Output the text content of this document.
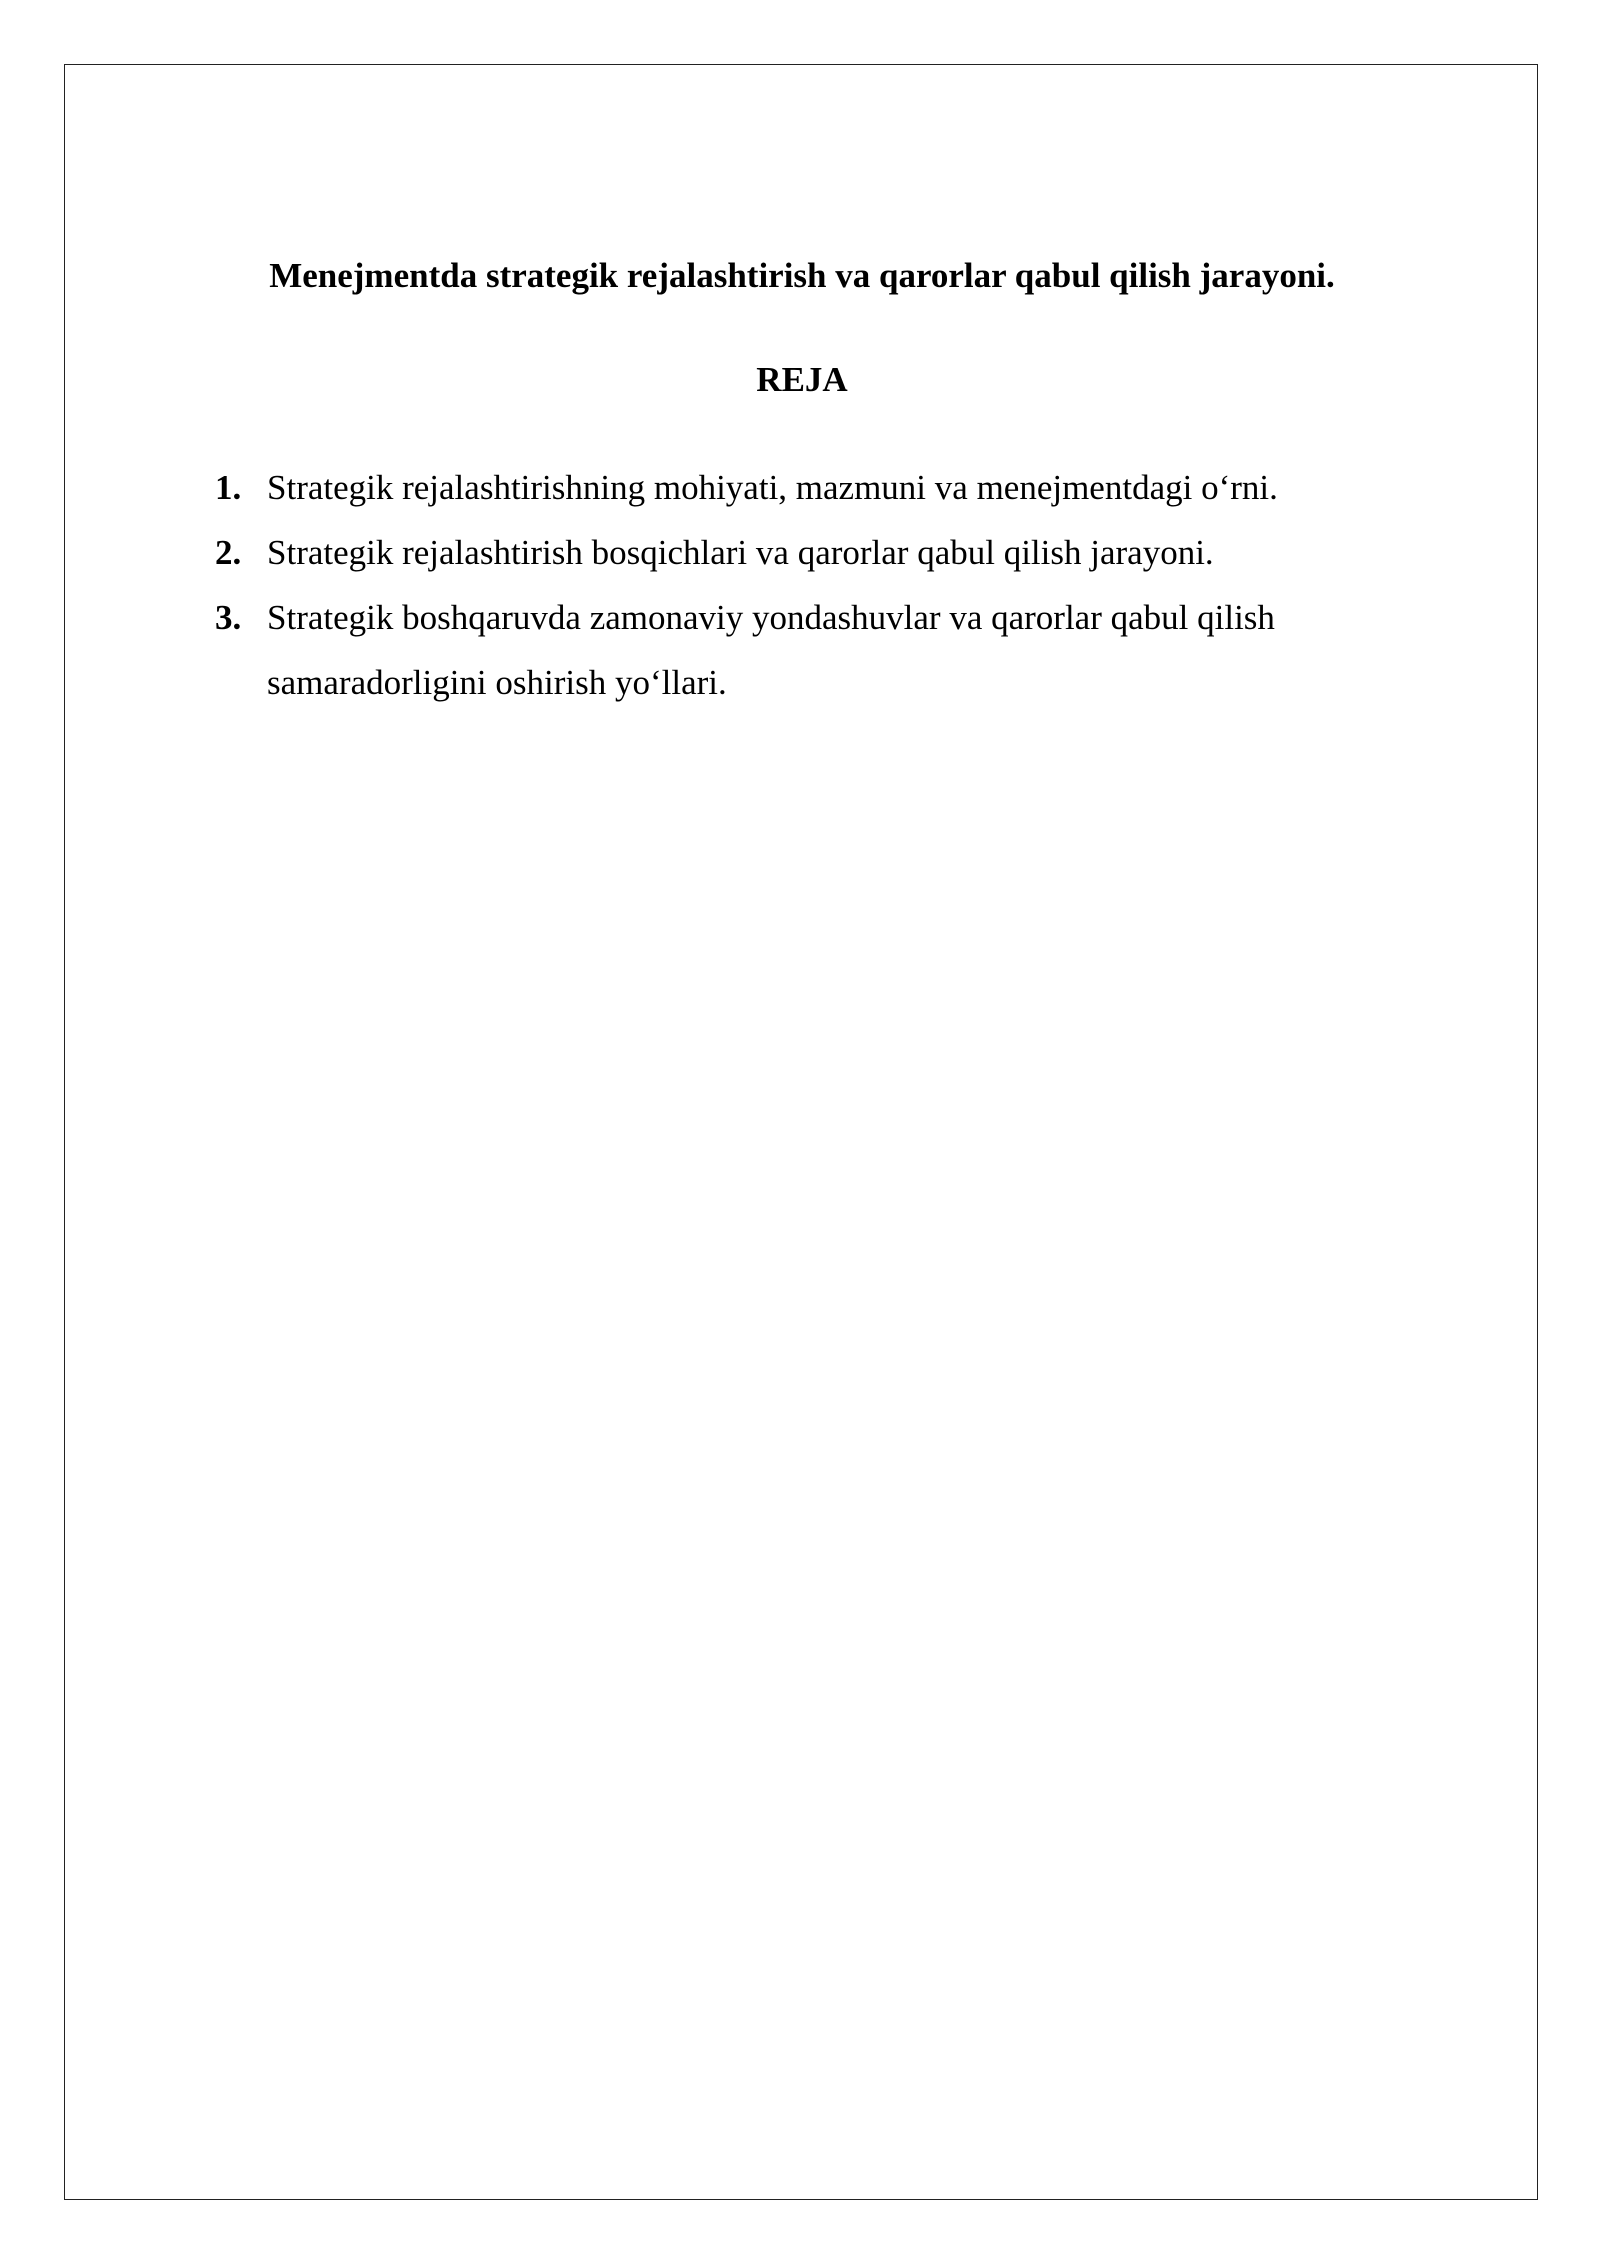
Menejmentda strategik rejalashtirish va qarorlar qabul qilish jarayoni.
REJA
1. Strategik rejalashtirishning mohiyati, mazmuni va menejmentdagi o‘rni.
2. Strategik rejalashtirish bosqichlari va qarorlar qabul qilish jarayoni.
3. Strategik boshqaruvda zamonaviy yondashuvlar va qarorlar qabul qilish samaradorligini oshirish yo‘llari.
